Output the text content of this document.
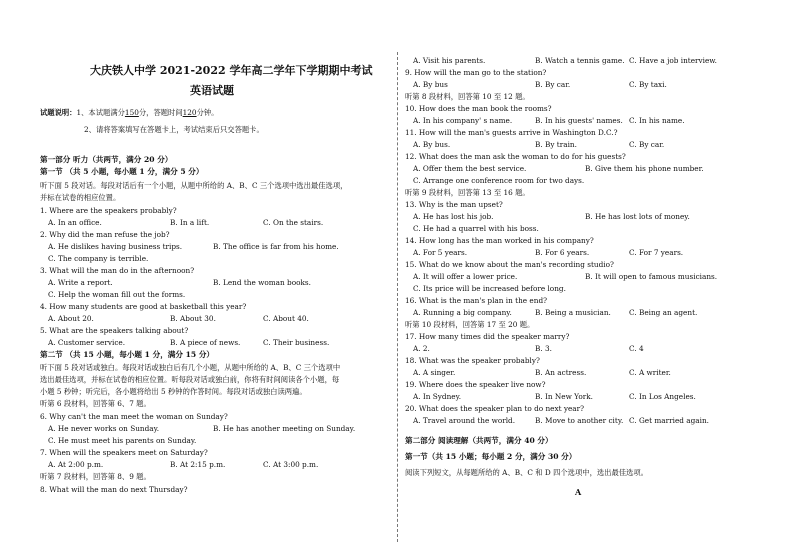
大庆铁人中学 2021-2022 学年高二学年下学期期中考试
英语试题
试题说明：1、本试题满分150分，答题时间120分钟。
2、请将答案填写在答题卡上，考试结束后只交答题卡。
第一部分 听力（共两节，满分 20 分）
第一节 （共 5 小题，每小题 1 分，满分 5 分）
听下面 5 段对话。每段对话后有一个小题，从题中所给的 A、B、C 三个选项中选出最佳选项，
并标在试卷的相应位置。
1. Where are the speakers probably?
A. In an office.	B. In a lift.	C. On the stairs.
2. Why did the man refuse the job?
A. He dislikes having business trips.	B. The office is far from his home.
C. The company is terrible.
3. What will the man do in the afternoon?
A. Write a report.	B. Lend the woman books.
C. Help the woman fill out the forms.
4. How many students are good at basketball this year?
A. About 20.	B. About 30.	C. About 40.
5. What are the speakers talking about?
A. Customer service.	B. A piece of news.	C. Their business.
第二节 （共 15 小题，每小题 1 分，满分 15 分）
听下面 5 段对话或独白。每段对话或独白后有几个小题，从题中所给的 A、B、C 三个选项中
选出最佳选项，并标在试卷的相应位置。听每段对话或独白前，你将有时间阅读各个小题，每
小题 5 秒钟；听完后，各小题将给出 5 秒钟的作答时间。每段对话或独白读两遍。
听第 6 段材料，回答第 6、7 题。
6. Why can't the man meet the woman on Sunday?
A. He never works on Sunday.	B. He has another meeting on Sunday.
C. He must meet his parents on Sunday.
7. When will the speakers meet on Saturday?
A. At 2:00 p.m.	B. At 2:15 p.m.	C. At 3:00 p.m.
听第 7 段材料，回答第 8、9 题。
8. What will the man do next Thursday?
A. Visit his parents.	B. Watch a tennis game. C. Have a job interview.
9. How will the man go to the station?
A. By bus	B. By car.	C. By taxi.
听第 8 段材料，回答第 10 至 12 题。
10. How does the man book the rooms?
A. In his company' s name.	B. In his guests' names. C. In his name.
11. How will the man's guests arrive in Washington D.C.?
A. By bus.	B. By train.	C. By car.
12. What does the man ask the woman to do for his guests?
A. Offer them the best service.	B. Give them his phone number.
C. Arrange one conference room for two days.
听第 9 段材料，回答第 13 至 16 题。
13. Why is the man upset?
A. He has lost his job.	B. He has lost lots of money.
C. He had a quarrel with his boss.
14. How long has the man worked in his company?
A. For 5 years.	B. For 6 years.	C. For 7 years.
15. What do we know about the man's recording studio?
A. It will offer a lower price.	B. It will open to famous musicians.
C. Its price will be increased before long.
16. What is the man's plan in the end?
A. Running a big company.	B. Being a musician. C. Being an agent.
听第 10 段材料，回答第 17 至 20 题。
17. How many times did the speaker marry?
A. 2.	B. 3.	C. 4
18. What was the speaker probably?
A. A singer.	B. An actress.	C. A writer.
19. Where does the speaker live now?
A. In Sydney.	B. In New York.	C. In Los Angeles.
20. What does the speaker plan to do next year?
A. Travel around the world.	B. Move to another city. C. Get married again.
第二部分 阅读理解（共两节，满分 40 分）
第一节（共 15 小题；每小题 2 分，满分 30 分）
阅读下列短文，从每题所给的 A、B、C 和 D 四个选项中，选出最佳选项。
A
